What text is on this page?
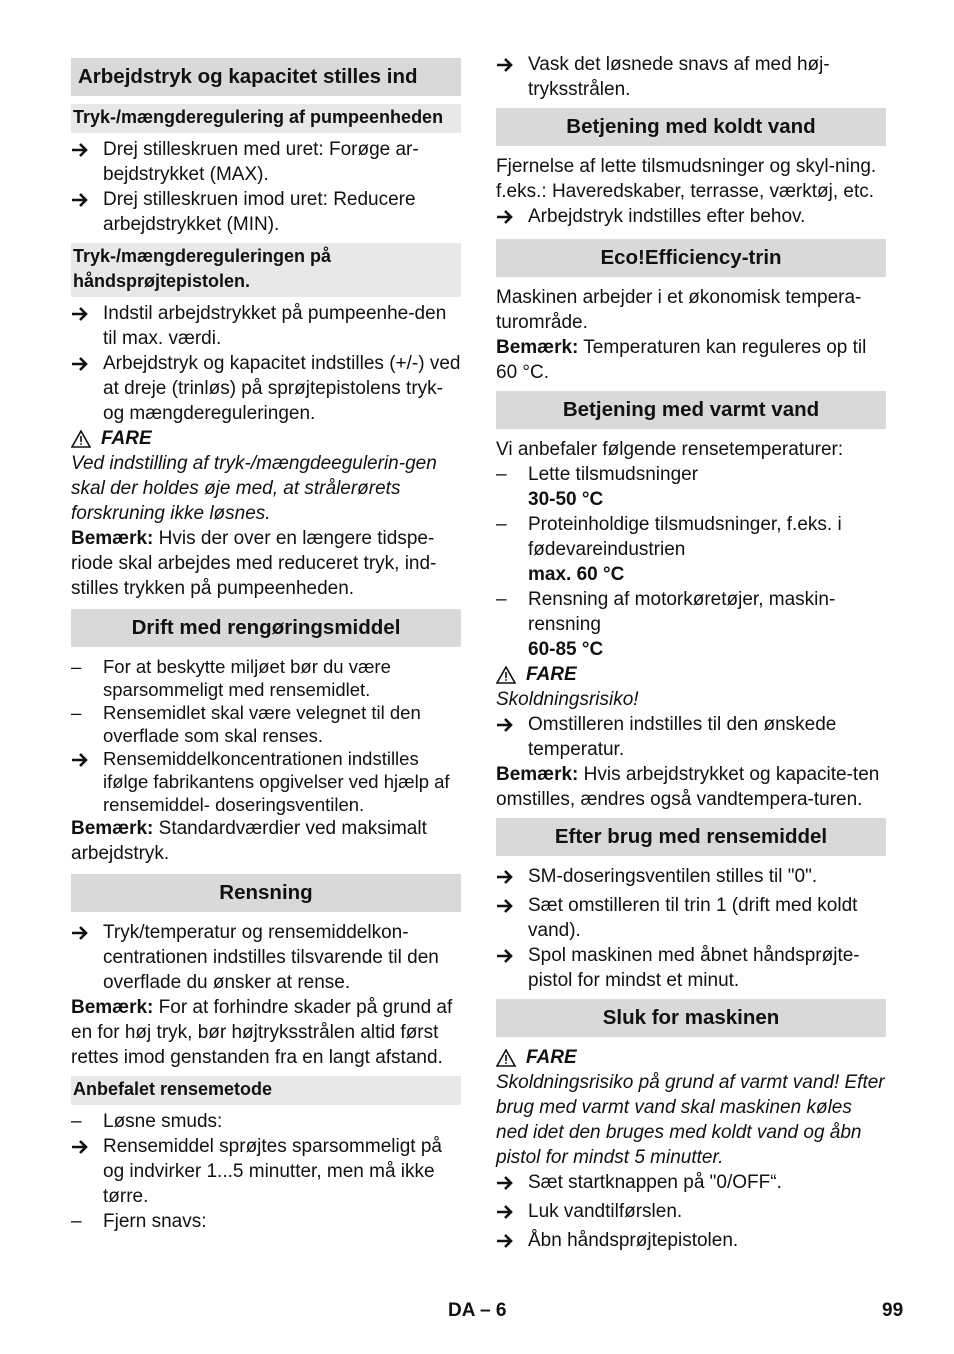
Arbejdstryk og kapacitet stilles ind
Tryk-/mængderegulering af pumpeenheden
Drej stilleskruen med uret: Forøge ar-bejdstrykket (MAX).
Drej stilleskruen imod uret: Reducere arbejdstrykket (MIN).
Tryk-/mængdereguleringen på håndsprøjtepistolen.
Indstil arbejdstrykket på pumpeenhe-den til max. værdi.
Arbejdstryk og kapacitet indstilles (+/-) ved at dreje (trinløs) på sprøjtepistolens tryk- og mængdereguleringen.
FARE
Ved indstilling af tryk-/mængdeegulerin-gen skal der holdes øje med, at strålerørets forskruning ikke løsnes.
Bemærk: Hvis der over en længere tidspe-riode skal arbejdes med reduceret tryk, ind-stilles trykken på pumpeenheden.
Drift med rengøringsmiddel
–	For at beskytte miljøet bør du være sparsommeligt med rensemidlet.
–	Rensemidlet skal være velegnet til den overflade som skal renses.
Rensemiddelkoncentrationen indstilles ifølge fabrikantens opgivelser ved hjælp af rensemiddel- doseringsventilen.
Bemærk: Standardværdier ved maksimalt arbejdstryk.
Rensning
Tryk/temperatur og rensemiddelkon-centrationen indstilles tilsvarende til den overflade du ønsker at rense.
Bemærk: For at forhindre skader på grund af en for høj tryk, bør højtryksstrålen altid først rettes imod genstanden fra en langt afstand.
Anbefalet rensemetode
–	Løsne smuds:
Rensemiddel sprøjtes sparsommeligt på og indvirker 1...5 minutter, men må ikke tørre.
–	Fjern snavs:
Vask det løsnede snavs af med høj-tryksstrålen.
Betjening med koldt vand
Fjernelse af lette tilsmudsninger og skyl-ning. f.eks.: Haveredskaber, terrasse, værktøj, etc.
Arbejdstryk indstilles efter behov.
Eco!Efficiency-trin
Maskinen arbejder i et økonomisk tempera-turområde.
Bemærk: Temperaturen kan reguleres op til 60 °C.
Betjening med varmt vand
Vi anbefaler følgende rensetemperaturer:
–	Lette tilsmudsninger
30-50 °C
–	Proteinholdige tilsmudsninger, f.eks. i fødevareindustrien
max. 60 °C
–	Rensning af motorkøretøjer, maskin-rensning
60-85 °C
FARE
Skoldningsrisiko!
Omstilleren indstilles til den ønskede temperatur.
Bemærk: Hvis arbejdstrykket og kapacite-ten omstilles, ændres også vandtempera-turen.
Efter brug med rensemiddel
SM-doseringsventilen stilles til "0".
Sæt omstilleren til trin 1 (drift med koldt vand).
Spol maskinen med åbnet håndsprøjte-pistol for mindst et minut.
Sluk for maskinen
FARE
Skoldningsrisiko på grund af varmt vand! Efter brug med varmt vand skal maskinen køles ned idet den bruges med koldt vand og åbn pistol for mindst 5 minutter.
Sæt startknappen på "0/OFF“.
Luk vandtilførslen.
Åbn håndsprøjtepistolen.
DA – 6	99
